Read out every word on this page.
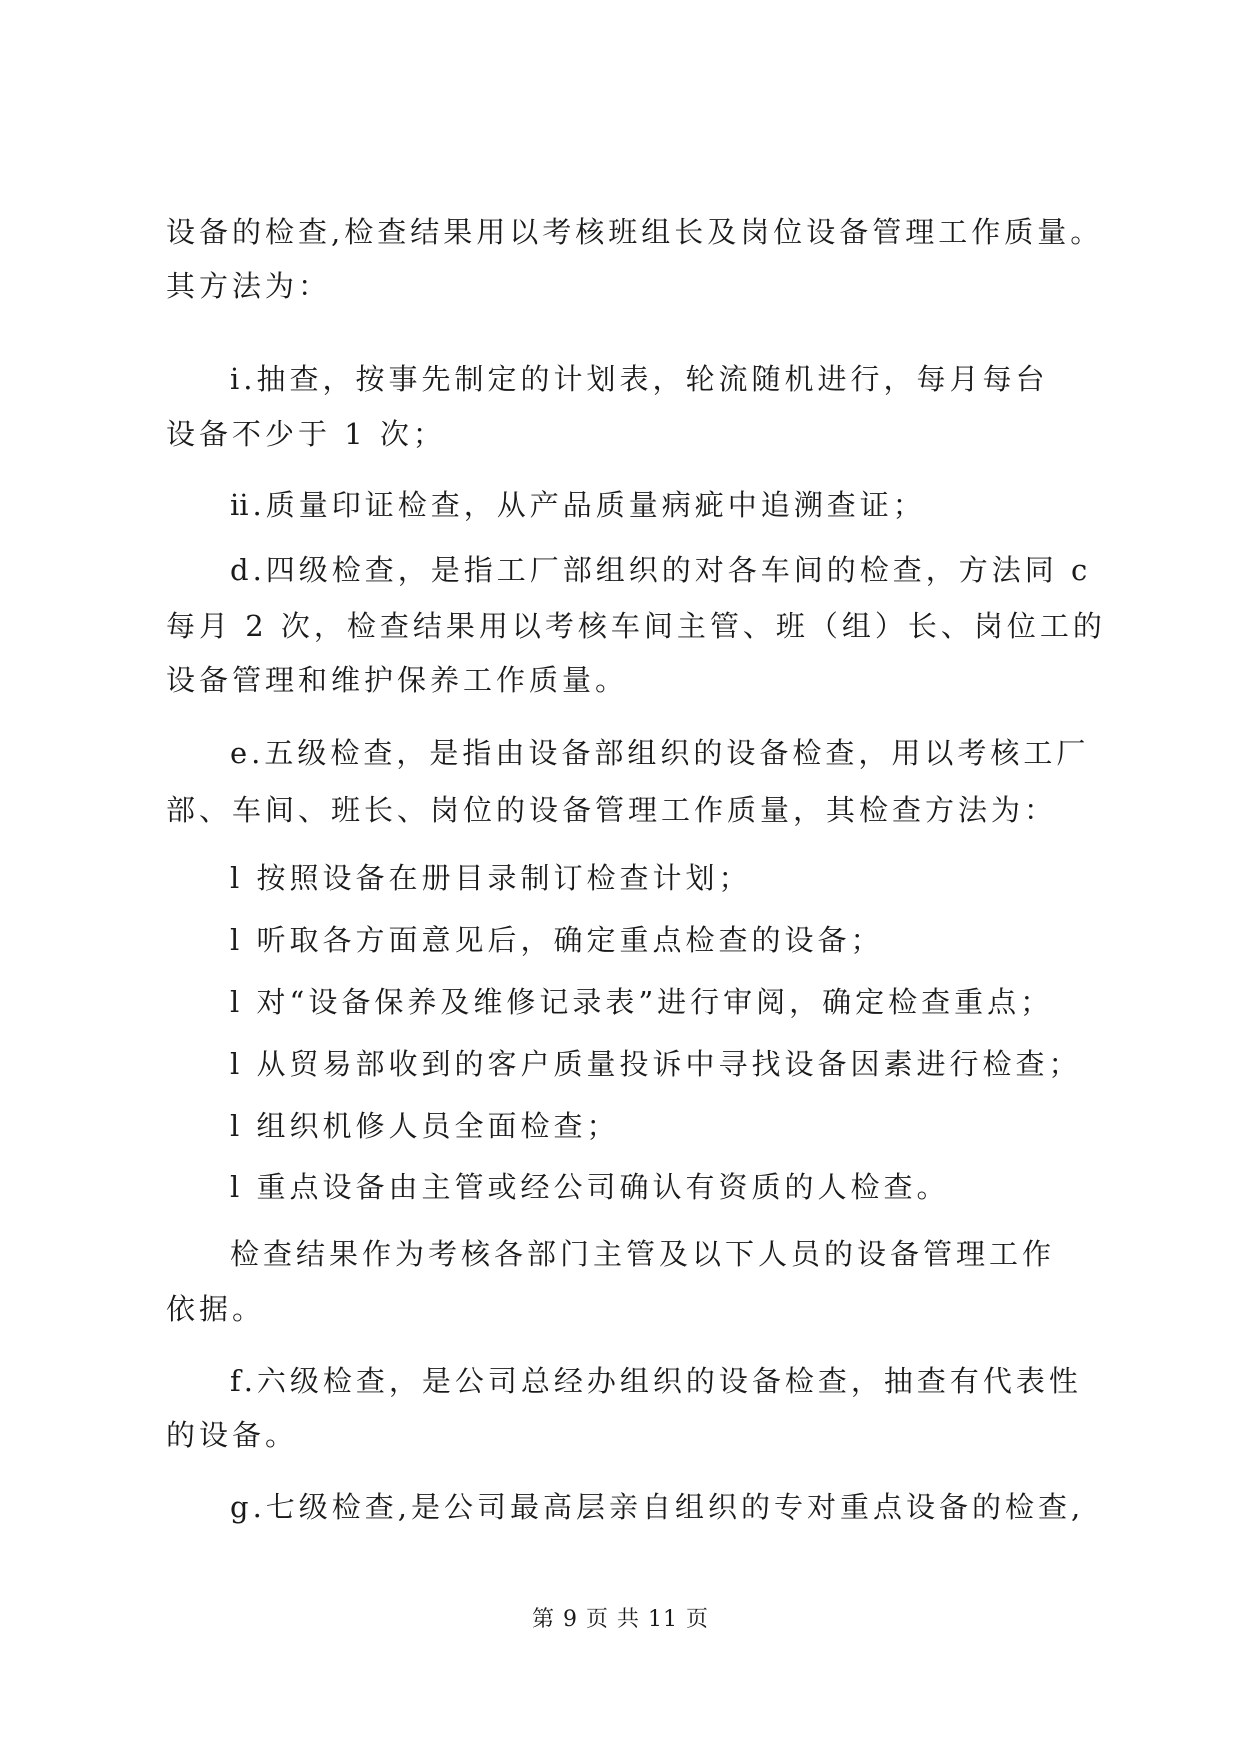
设备的检查,检查结果用以考核班组长及岗位设备管理工作质量。
其方法为：
ⅰ.抽查，按事先制定的计划表，轮流随机进行，每月每台
设备不少于 1 次；
ⅱ.质量印证检查，从产品质量病疵中追溯查证；
d.四级检查，是指工厂部组织的对各车间的检查，方法同 c
每月 2 次，检查结果用以考核车间主管、班（组）长、岗位工的
设备管理和维护保养工作质量。
e.五级检查，是指由设备部组织的设备检查，用以考核工厂
部、车间、班长、岗位的设备管理工作质量，其检查方法为：
l 按照设备在册目录制订检查计划；
l 听取各方面意见后，确定重点检查的设备；
l 对“设备保养及维修记录表”进行审阅，确定检查重点；
l 从贸易部收到的客户质量投诉中寻找设备因素进行检查；
l 组织机修人员全面检查；
l 重点设备由主管或经公司确认有资质的人检查。
检查结果作为考核各部门主管及以下人员的设备管理工作
依据。
f.六级检查，是公司总经办组织的设备检查，抽查有代表性
的设备。
g.七级检查,是公司最高层亲自组织的专对重点设备的检查,
第 9 页 共 11 页
